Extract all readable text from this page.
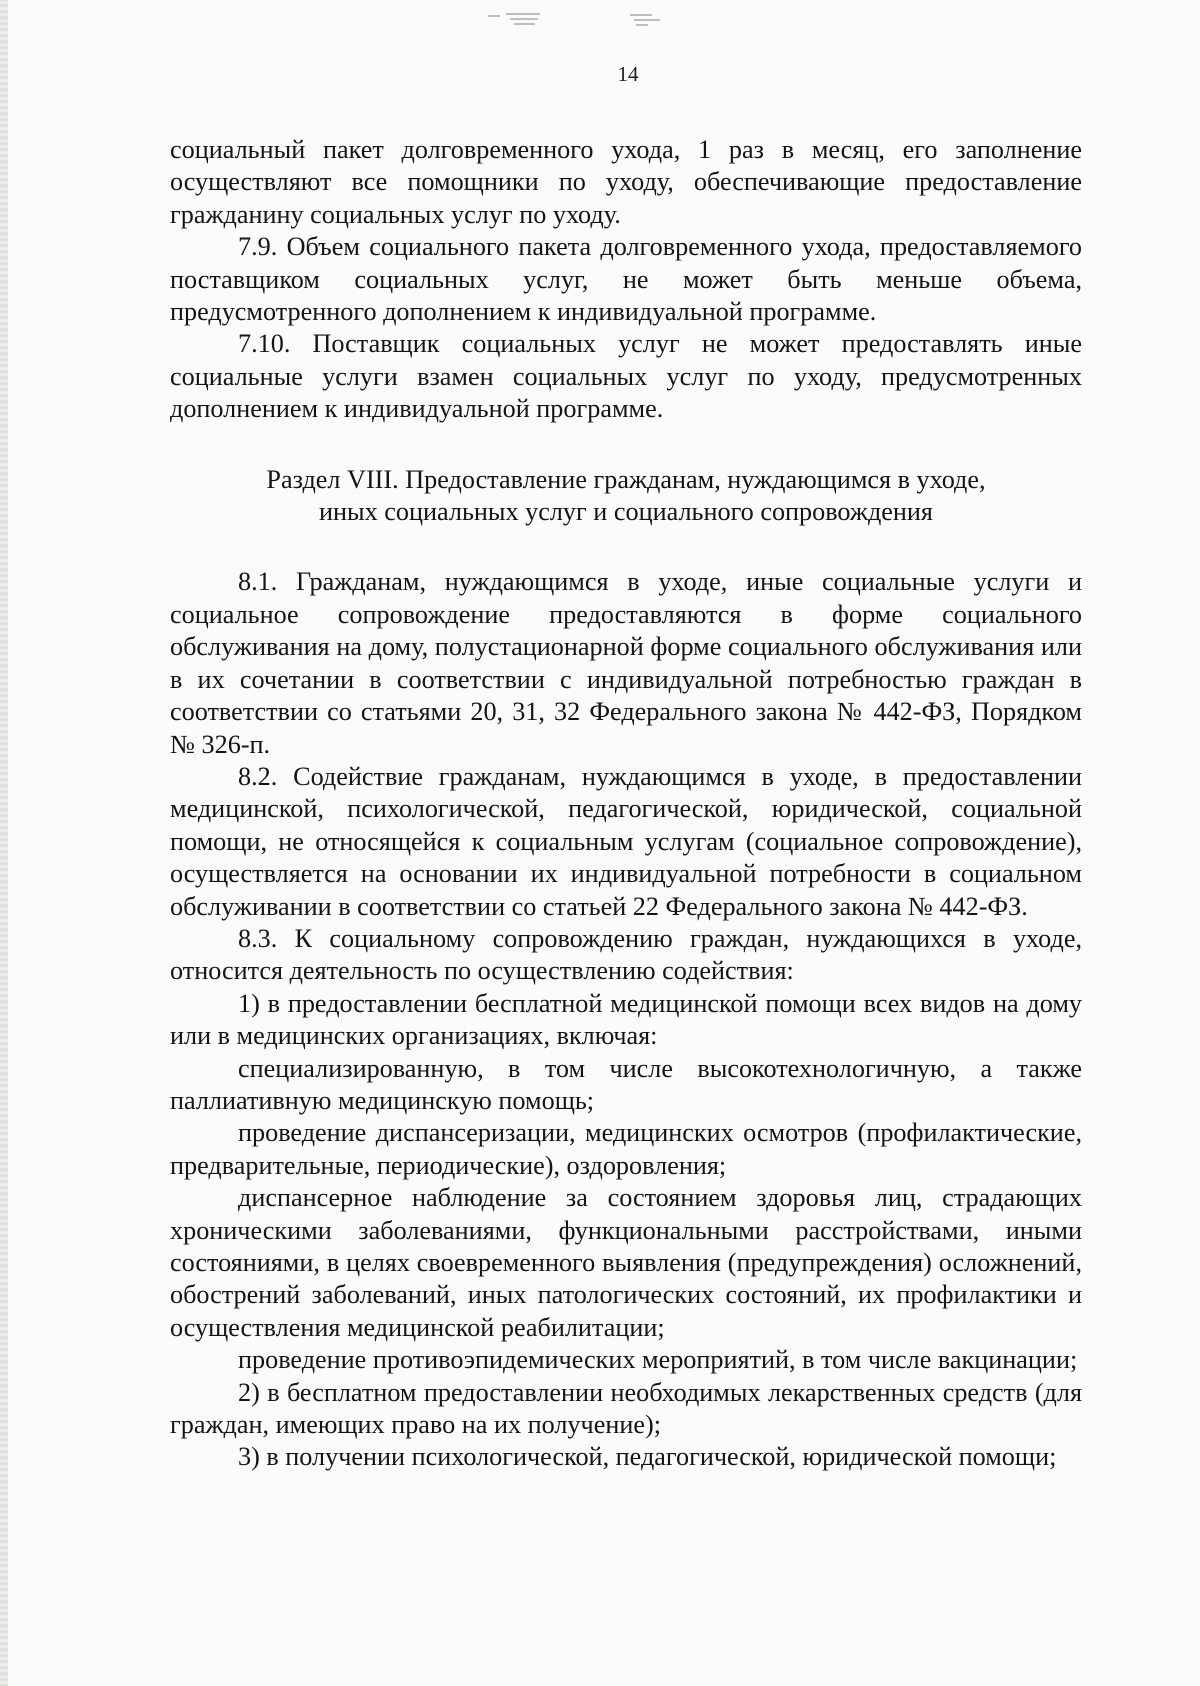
14

социальный пакет долговременного ухода, 1 раз в месяц, его заполнение осуществляют все помощники по уходу, обеспечивающие предоставление гражданину социальных услуг по уходу.

7.9. Объем социального пакета долговременного ухода, предоставляемого поставщиком социальных услуг, не может быть меньше объема, предусмотренного дополнением к индивидуальной программе.

7.10. Поставщик социальных услуг не может предоставлять иные социальные услуги взамен социальных услуг по уходу, предусмотренных дополнением к индивидуальной программе.

Раздел VIII. Предоставление гражданам, нуждающимся в уходе,
иных социальных услуг и социального сопровождения

8.1. Гражданам, нуждающимся в уходе, иные социальные услуги и социальное сопровождение предоставляются в форме социального обслуживания на дому, полустационарной форме социального обслуживания или в их сочетании в соответствии с индивидуальной потребностью граждан в соответствии со статьями 20, 31, 32 Федерального закона № 442-ФЗ, Порядком № 326-п.

8.2. Содействие гражданам, нуждающимся в уходе, в предоставлении медицинской, психологической, педагогической, юридической, социальной помощи, не относящейся к социальным услугам (социальное сопровождение), осуществляется на основании их индивидуальной потребности в социальном обслуживании в соответствии со статьей 22 Федерального закона № 442-ФЗ.

8.3. К социальному сопровождению граждан, нуждающихся в уходе, относится деятельность по осуществлению содействия:

1) в предоставлении бесплатной медицинской помощи всех видов на дому или в медицинских организациях, включая:

специализированную, в том числе высокотехнологичную, а также паллиативную медицинскую помощь;

проведение диспансеризации, медицинских осмотров (профилактические, предварительные, периодические), оздоровления;

диспансерное наблюдение за состоянием здоровья лиц, страдающих хроническими заболеваниями, функциональными расстройствами, иными состояниями, в целях своевременного выявления (предупреждения) осложнений, обострений заболеваний, иных патологических состояний, их профилактики и осуществления медицинской реабилитации;

проведение противоэпидемических мероприятий, в том числе вакцинации;

2) в бесплатном предоставлении необходимых лекарственных средств (для граждан, имеющих право на их получение);

3) в получении психологической, педагогической, юридической помощи;
